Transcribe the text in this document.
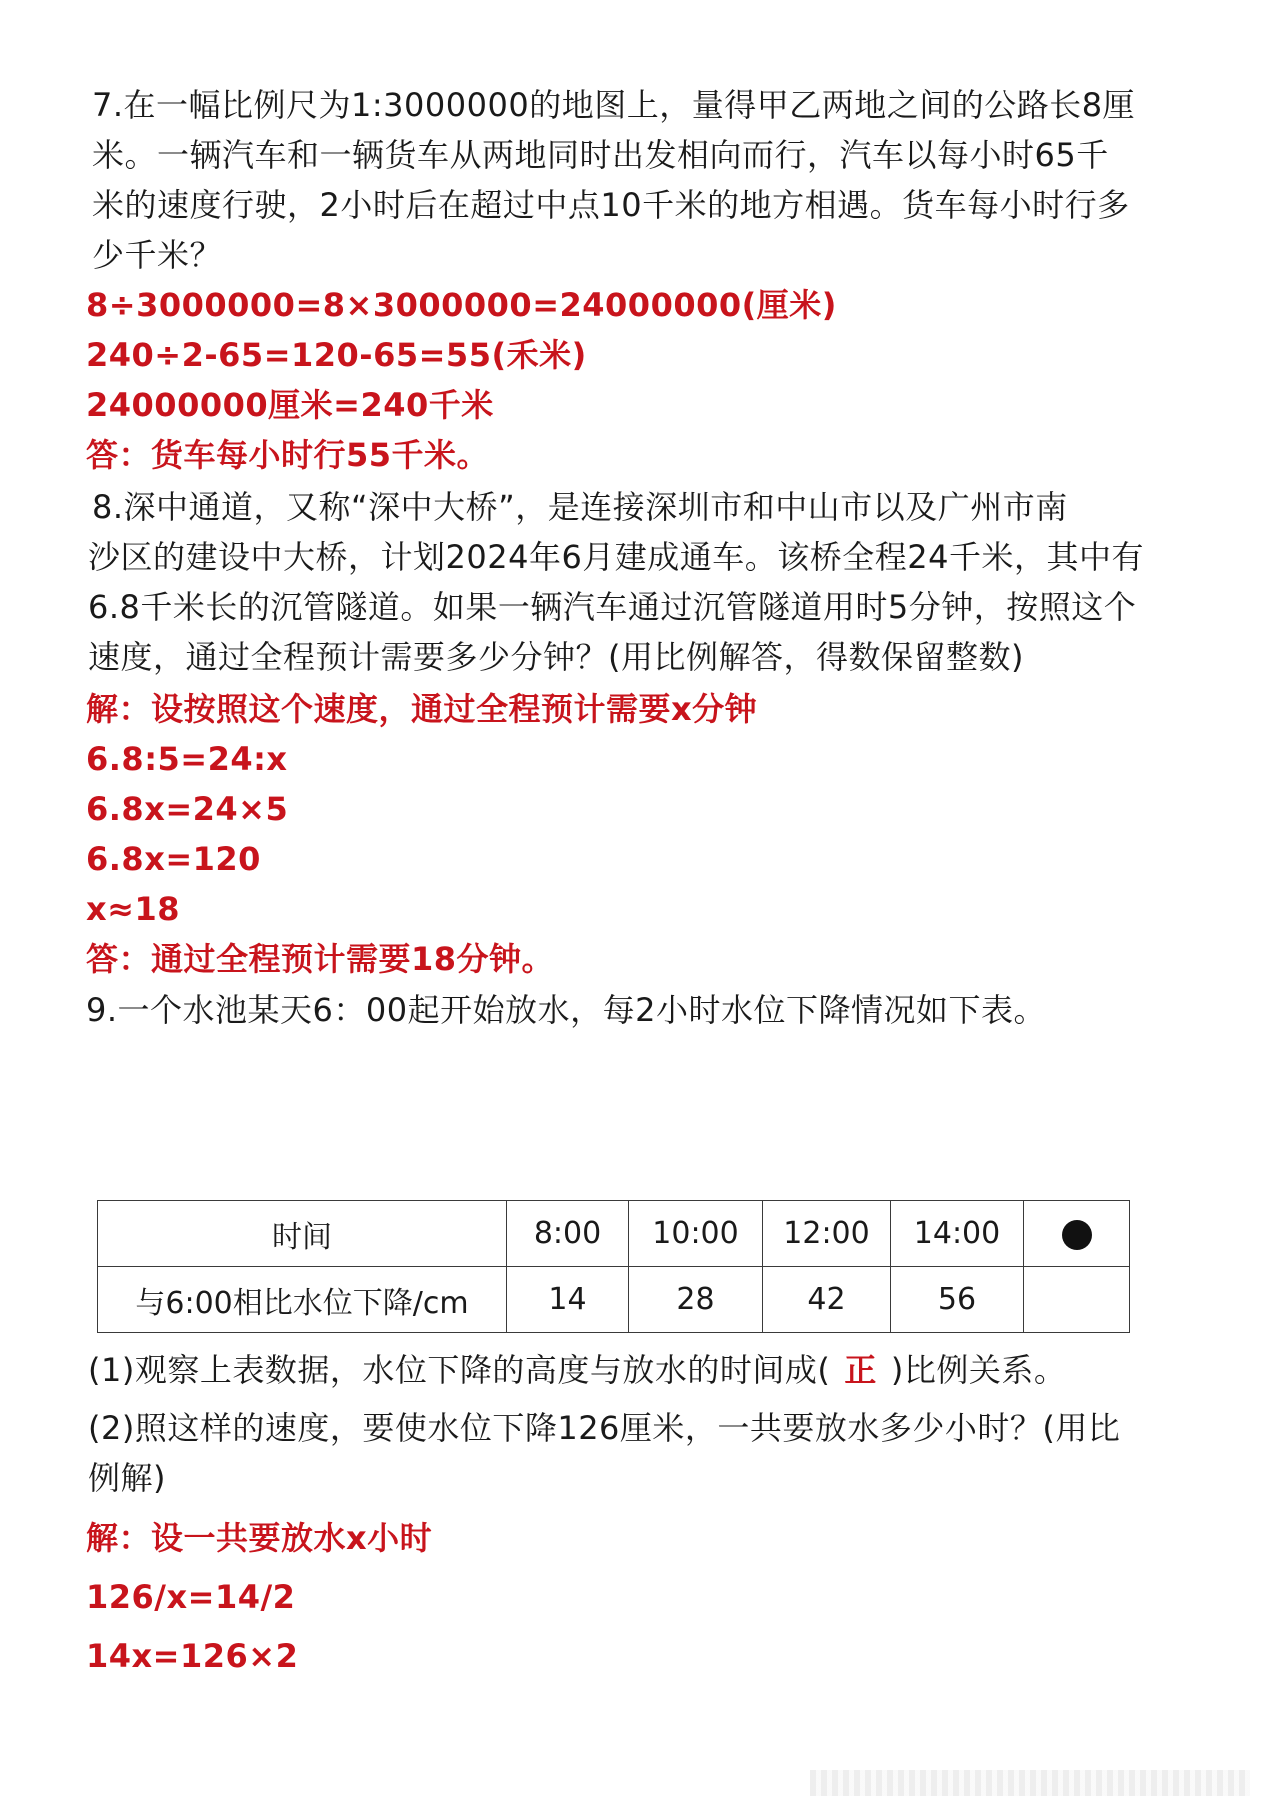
7.在一幅比例尺为1:3000000的地图上，量得甲乙两地之间的公路长8厘
米。一辆汽车和一辆货车从两地同时出发相向而行，汽车以每小时65千
米的速度行驶，2小时后在超过中点10千米的地方相遇。货车每小时行多
少千米？
8÷3000000=8×3000000=24000000(厘米)
240÷2-65=120-65=55(禾米)
24000000厘米=240千米
答：货车每小时行55千米。
8.深中通道，又称“深中大桥”，是连接深圳市和中山市以及广州市南
沙区的建设中大桥，计划2024年6月建成通车。该桥全程24千米，其中有
6.8千米长的沉管隧道。如果一辆汽车通过沉管隧道用时5分钟，按照这个
速度，通过全程预计需要多少分钟？(用比例解答，得数保留整数)
解：设按照这个速度，通过全程预计需要x分钟
6.8:5=24:x
6.8x=24×5
6.8x=120
x≈18
答：通过全程预计需要18分钟。
9.一个水池某天6：00起开始放水，每2小时水位下降情况如下表。
时间	8:00	10:00	12:00	14:00	
与6:00相比水位下降/cm	14	28	42	56	
(1)观察上表数据，水位下降的高度与放水的时间成( 正 )比例关系。
(2)照这样的速度，要使水位下降126厘米，一共要放水多少小时？(用比
例解)
解：设一共要放水x小时
126/x=14/2
14x=126×2
